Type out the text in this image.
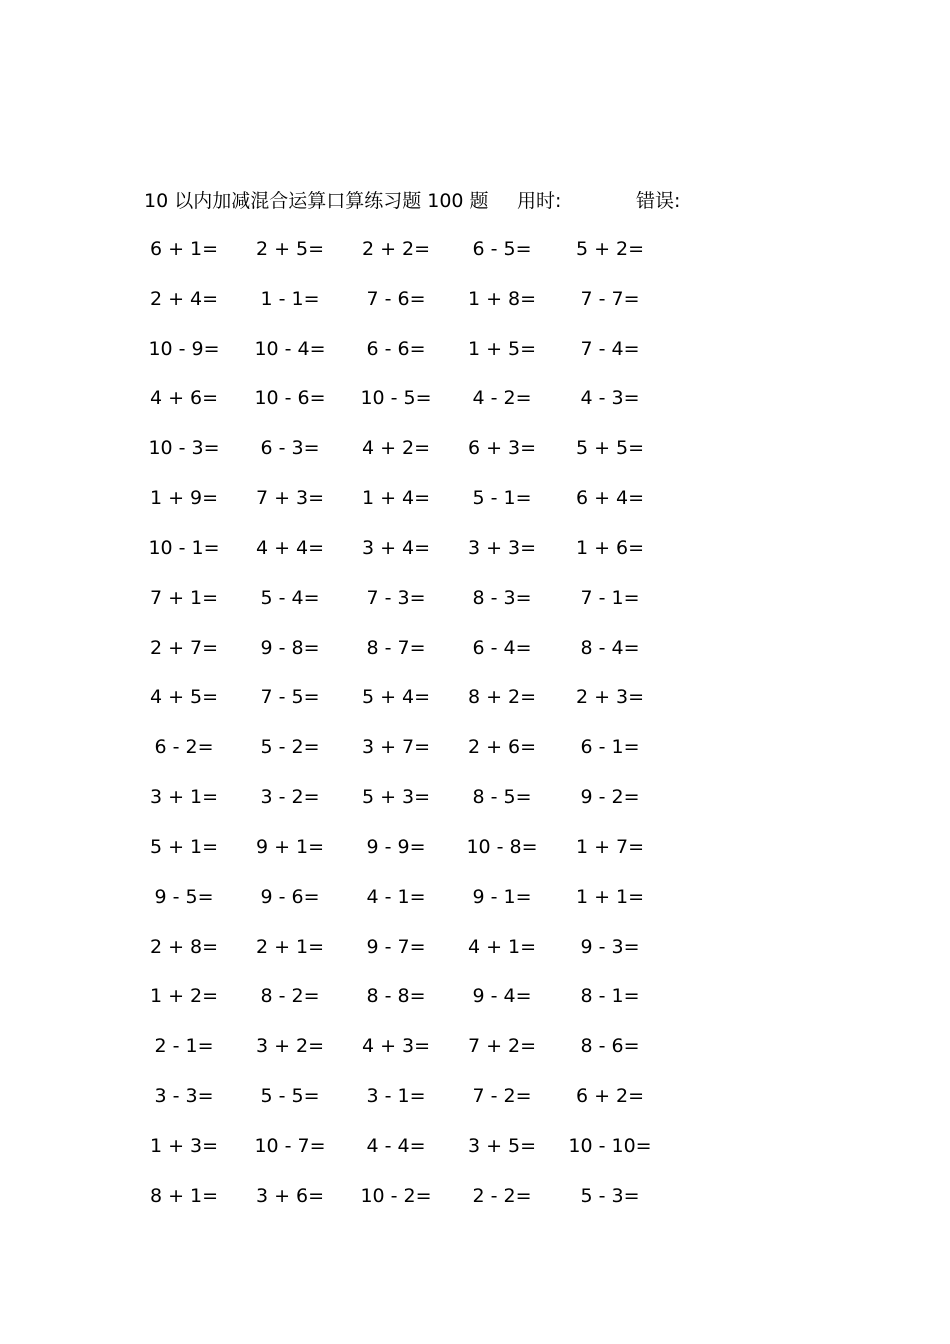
10 以内加减混合运算口算练习题 100 题 用时:	错误:
6 + 1= 2 + 5= 2 + 2= 6 - 5= 5 + 2=
2 + 4= 1 - 1= 7 - 6= 1 + 8= 7 - 7=
10 - 9= 10 - 4= 6 - 6= 1 + 5= 7 - 4=
4 + 6= 10 - 6= 10 - 5= 4 - 2=	4 - 3=
10 - 3= 6 - 3= 4 + 2= 6 + 3= 5 + 5=
1 + 9= 7 + 3= 1 + 4= 5 - 1= 6 + 4=
10 - 1= 4 + 4= 3 + 4= 3 + 3= 1 + 6=
7 + 1= 5 - 4= 7 - 3= 8 - 3=	7 - 1=
2 + 7= 9 - 8= 8 - 7= 6 - 4=	8 - 4=
4 + 5= 7 - 5= 5 + 4= 8 + 2= 2 + 3=
6 - 2= 5 - 2= 3 + 7= 2 + 6= 6 - 1=
3 + 1= 3 - 2= 5 + 3= 8 - 5=	9 - 2=
5 + 1= 9 + 1= 9 - 9= 10 - 8= 1 + 7=
9 - 5= 9 - 6= 4 - 1= 9 - 1= 1 + 1=
2 + 8= 2 + 1= 9 - 7= 4 + 1= 9 - 3=
1 + 2= 8 - 2= 8 - 8= 9 - 4=	8 - 1=
2 - 1= 3 + 2= 4 + 3= 7 + 2= 8 - 6=
3 - 3= 5 - 5= 3 - 1= 7 - 2= 6 + 2=
1 + 3= 10 - 7= 4 - 4= 3 + 5= 10 - 10=
8 + 1= 3 + 6= 10 - 2= 2 - 2=	5 - 3=
